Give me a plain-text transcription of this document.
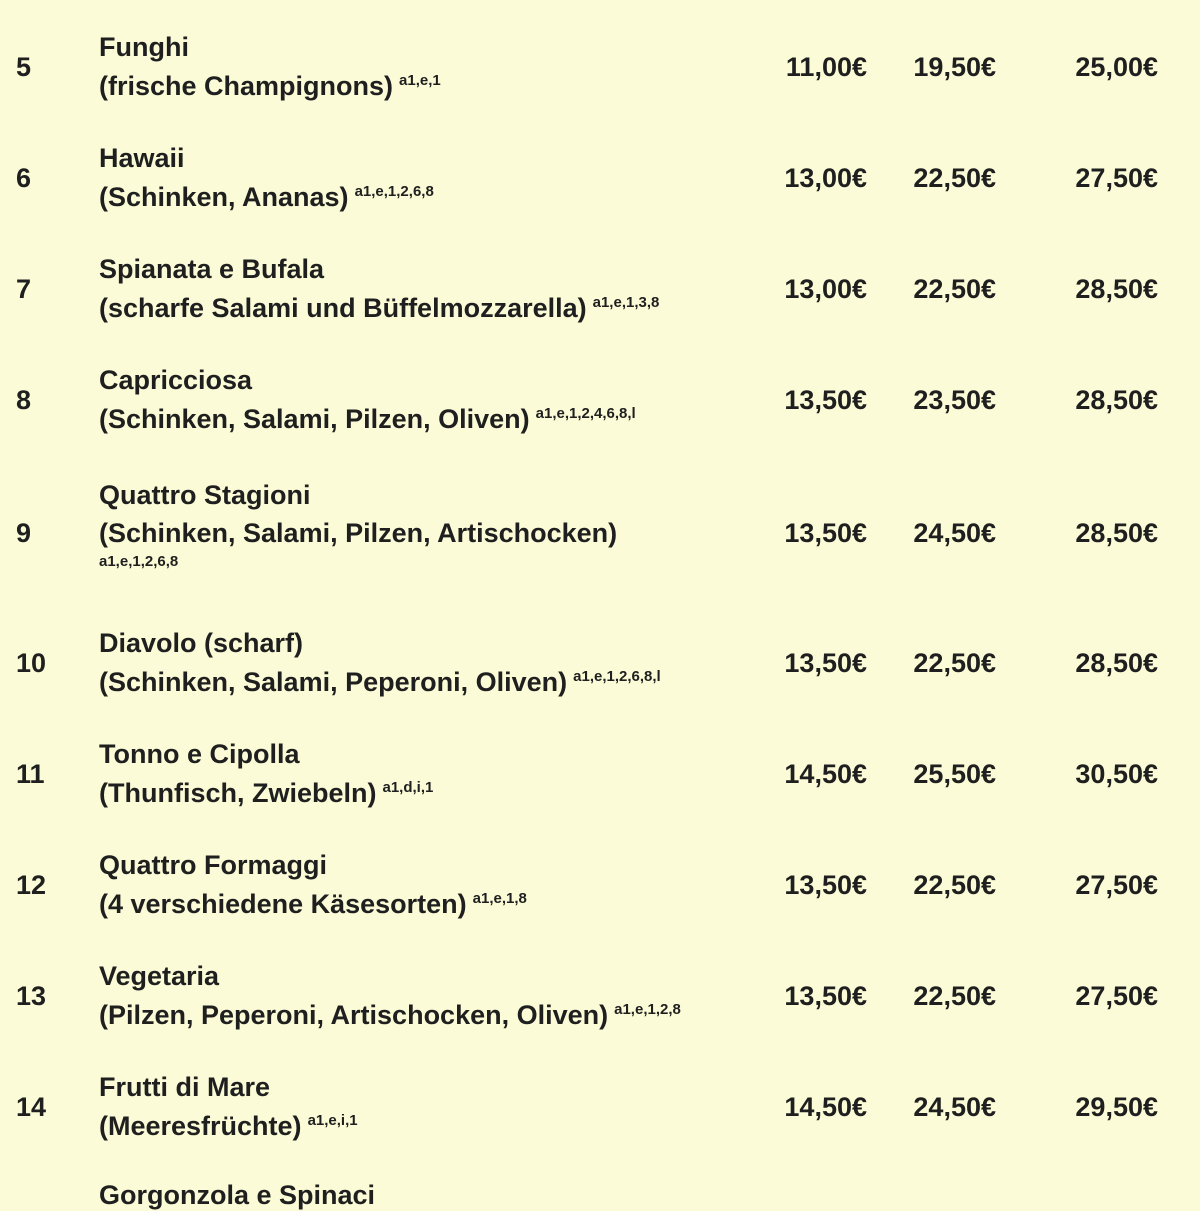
5
Funghi
(frische Champignons) $^{a1,e,1}$	11,00€	19,50€	25,00€
6
Hawaii
(Schinken, Ananas) $^{a1,e,1,2,6,8}$	13,00€	22,50€	27,50€
7
Spianata e Bufala
(scharfe Salami und Büffelmozzarella) $^{a1,e,1,3,8}$	13,00€	22,50€	28,50€
8
Capricciosa
(Schinken, Salami, Pilzen, Oliven) $^{a1,e,1,2,4,6,8,l}$	13,50€	23,50€	28,50€
9
Quattro Stagioni
(Schinken, Salami, Pilzen, Artischocken)
a1,e,1,2,6,8
13,50€	24,50€	28,50€
10
Diavolo (scharf)
(Schinken, Salami, Peperoni, Oliven) $^{a1,e,1,2,6,8,l}$	13,50€	22,50€	28,50€
11
Tonno e Cipolla
(Thunfisch, Zwiebeln) $^{a1,d,i,1}$	14,50€	25,50€	30,50€
12
Quattro Formaggi
(4 verschiedene Käsesorten) $^{a1,e,1,8}$	13,50€	22,50€	27,50€
13
Vegetaria
(Pilzen, Peperoni, Artischocken, Oliven) $^{a1,e,1,2,8}$	13,50€	22,50€	27,50€
14
Frutti di Mare
(Meeresfrüchte) $^{a1,e,i,1}$	14,50€	24,50€	29,50€
Gorgonzola e Spinaci
